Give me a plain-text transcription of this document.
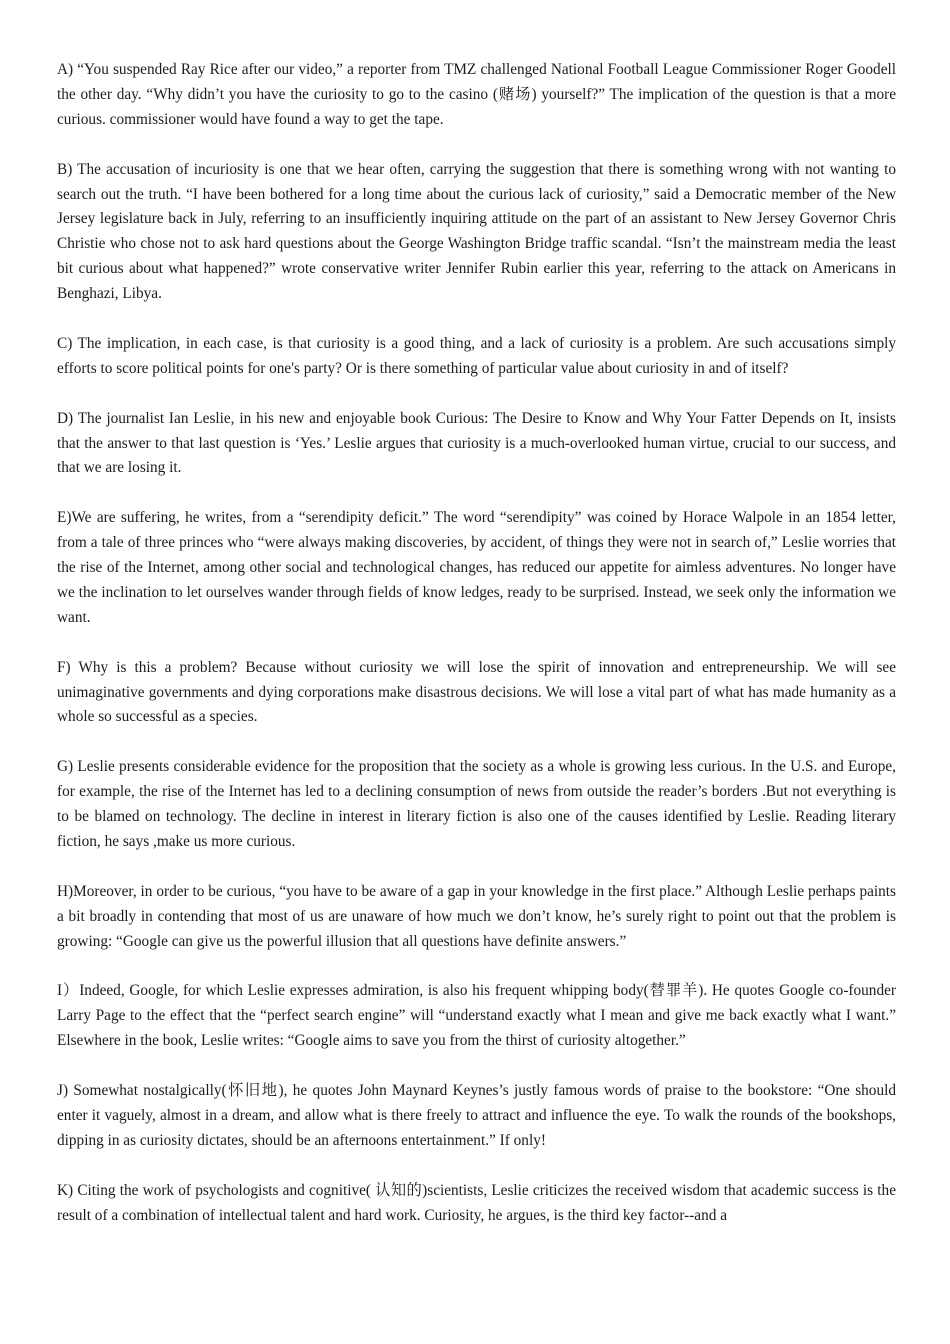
A) “You suspended Ray Rice after our video,” a reporter from TMZ challenged National Football League Commissioner Roger Goodell the other day. “Why didn’t you have the curiosity to go to the casino (赌场) yourself?” The implication of the question is that a more curious. commissioner would have found a way to get the tape.

B) The accusation of incuriosity is one that we hear often, carrying the suggestion that there is something wrong with not wanting to search out the truth. “I have been bothered for a long time about the curious lack of curiosity,” said a Democratic member of the New Jersey legislature back in July, referring to an insufficiently inquiring attitude on the part of an assistant to New Jersey Governor Chris Christie who chose not to ask hard questions about the George Washington Bridge traffic scandal. “Isn’t the mainstream media the least bit curious about what happened?” wrote conservative writer Jennifer Rubin earlier this year, referring to the attack on Americans in Benghazi, Libya.

C) The implication, in each case, is that curiosity is a good thing, and a lack of curiosity is a problem. Are such accusations simply efforts to score political points for one's party? Or is there something of particular value about curiosity in and of itself?

D) The journalist Ian Leslie, in his new and enjoyable book Curious: The Desire to Know and Why Your Fatter Depends on It, insists that the answer to that last question is ‘Yes.’ Leslie argues that curiosity is a much-overlooked human virtue, crucial to our success, and that we are losing it.

E)We are suffering, he writes, from a “serendipity deficit.” The word “serendipity” was coined by Horace Walpole in an 1854 letter, from a tale of three princes who “were always making discoveries, by accident, of things they were not in search of,” Leslie worries that the rise of the Internet, among other social and technological changes, has reduced our appetite for aimless adventures. No longer have we the inclination to let ourselves wander through fields of know ledges, ready to be surprised. Instead, we seek only the information we want.

F) Why is this a problem? Because without curiosity we will lose the spirit of innovation and entrepreneurship. We will see unimaginative governments and dying corporations make disastrous decisions. We will lose a vital part of what has made humanity as a whole so successful as a species.

G) Leslie presents considerable evidence for the proposition that the society as a whole is growing less curious. In the U.S. and Europe, for example, the rise of the Internet has led to a declining consumption of news from outside the reader’s borders .But not everything is to be blamed on technology. The decline in interest in literary fiction is also one of the causes identified by Leslie. Reading literary fiction, he says ,make us more curious.

H)Moreover, in order to be curious, “you have to be aware of a gap in your knowledge in the first place.” Although Leslie perhaps paints a bit broadly in contending that most of us are unaware of how much we don’t know, he’s surely right to point out that the problem is growing: “Google can give us the powerful illusion that all questions have definite answers.”

I）Indeed, Google, for which Leslie expresses admiration, is also his frequent whipping body(替罪羊). He quotes Google co-founder Larry Page to the effect that the “perfect search engine” will “understand exactly what I mean and give me back exactly what I want.” Elsewhere in the book, Leslie writes: “Google aims to save you from the thirst of curiosity altogether.”

J) Somewhat nostalgically(怀旧地), he quotes John Maynard Keynes’s justly famous words of praise to the bookstore: “One should enter it vaguely, almost in a dream, and allow what is there freely to attract and influence the eye. To walk the rounds of the bookshops, dipping in as curiosity dictates, should be an afternoons entertainment.” If only!

K) Citing the work of psychologists and cognitive( 认知的)scientists, Leslie criticizes the received wisdom that academic success is the result of a combination of intellectual talent and hard work. Curiosity, he argues, is the third key factor--and a
